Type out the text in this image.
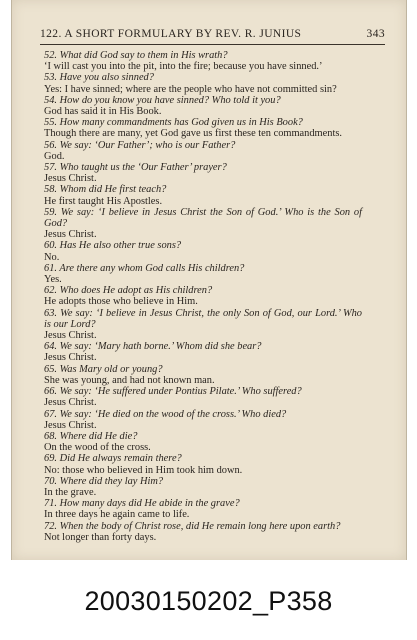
122. A SHORT FORMULARY BY REV. R. JUNIUS	343
52. What did God say to them in His wrath?
‘I will cast you into the pit, into the fire; because you have sinned.’
53. Have you also sinned?
Yes: I have sinned; where are the people who have not committed sin?
54. How do you know you have sinned? Who told it you?
God has said it in His Book.
55. How many commandments has God given us in His Book?
Though there are many, yet God gave us first these ten commandments.
56. We say: ‘Our Father’; who is our Father?
God.
57. Who taught us the ‘Our Father’ prayer?
Jesus Christ.
58. Whom did He first teach?
He first taught His Apostles.
59. We say: ‘I believe in Jesus Christ the Son of God.’ Who is the Son of God?
Jesus Christ.
60. Has He also other true sons?
No.
61. Are there any whom God calls His children?
Yes.
62. Who does He adopt as His children?
He adopts those who believe in Him.
63. We say: ‘I believe in Jesus Christ, the only Son of God, our Lord.’ Who is our Lord?
Jesus Christ.
64. We say: ‘Mary hath borne.’ Whom did she bear?
Jesus Christ.
65. Was Mary old or young?
She was young, and had not known man.
66. We say: ‘He suffered under Pontius Pilate.’ Who suffered?
Jesus Christ.
67. We say: ‘He died on the wood of the cross.’ Who died?
Jesus Christ.
68. Where did He die?
On the wood of the cross.
69. Did He always remain there?
No: those who believed in Him took him down.
70. Where did they lay Him?
In the grave.
71. How many days did He abide in the grave?
In three days he again came to life.
72. When the body of Christ rose, did He remain long here upon earth?
Not longer than forty days.
20030150202_P358
